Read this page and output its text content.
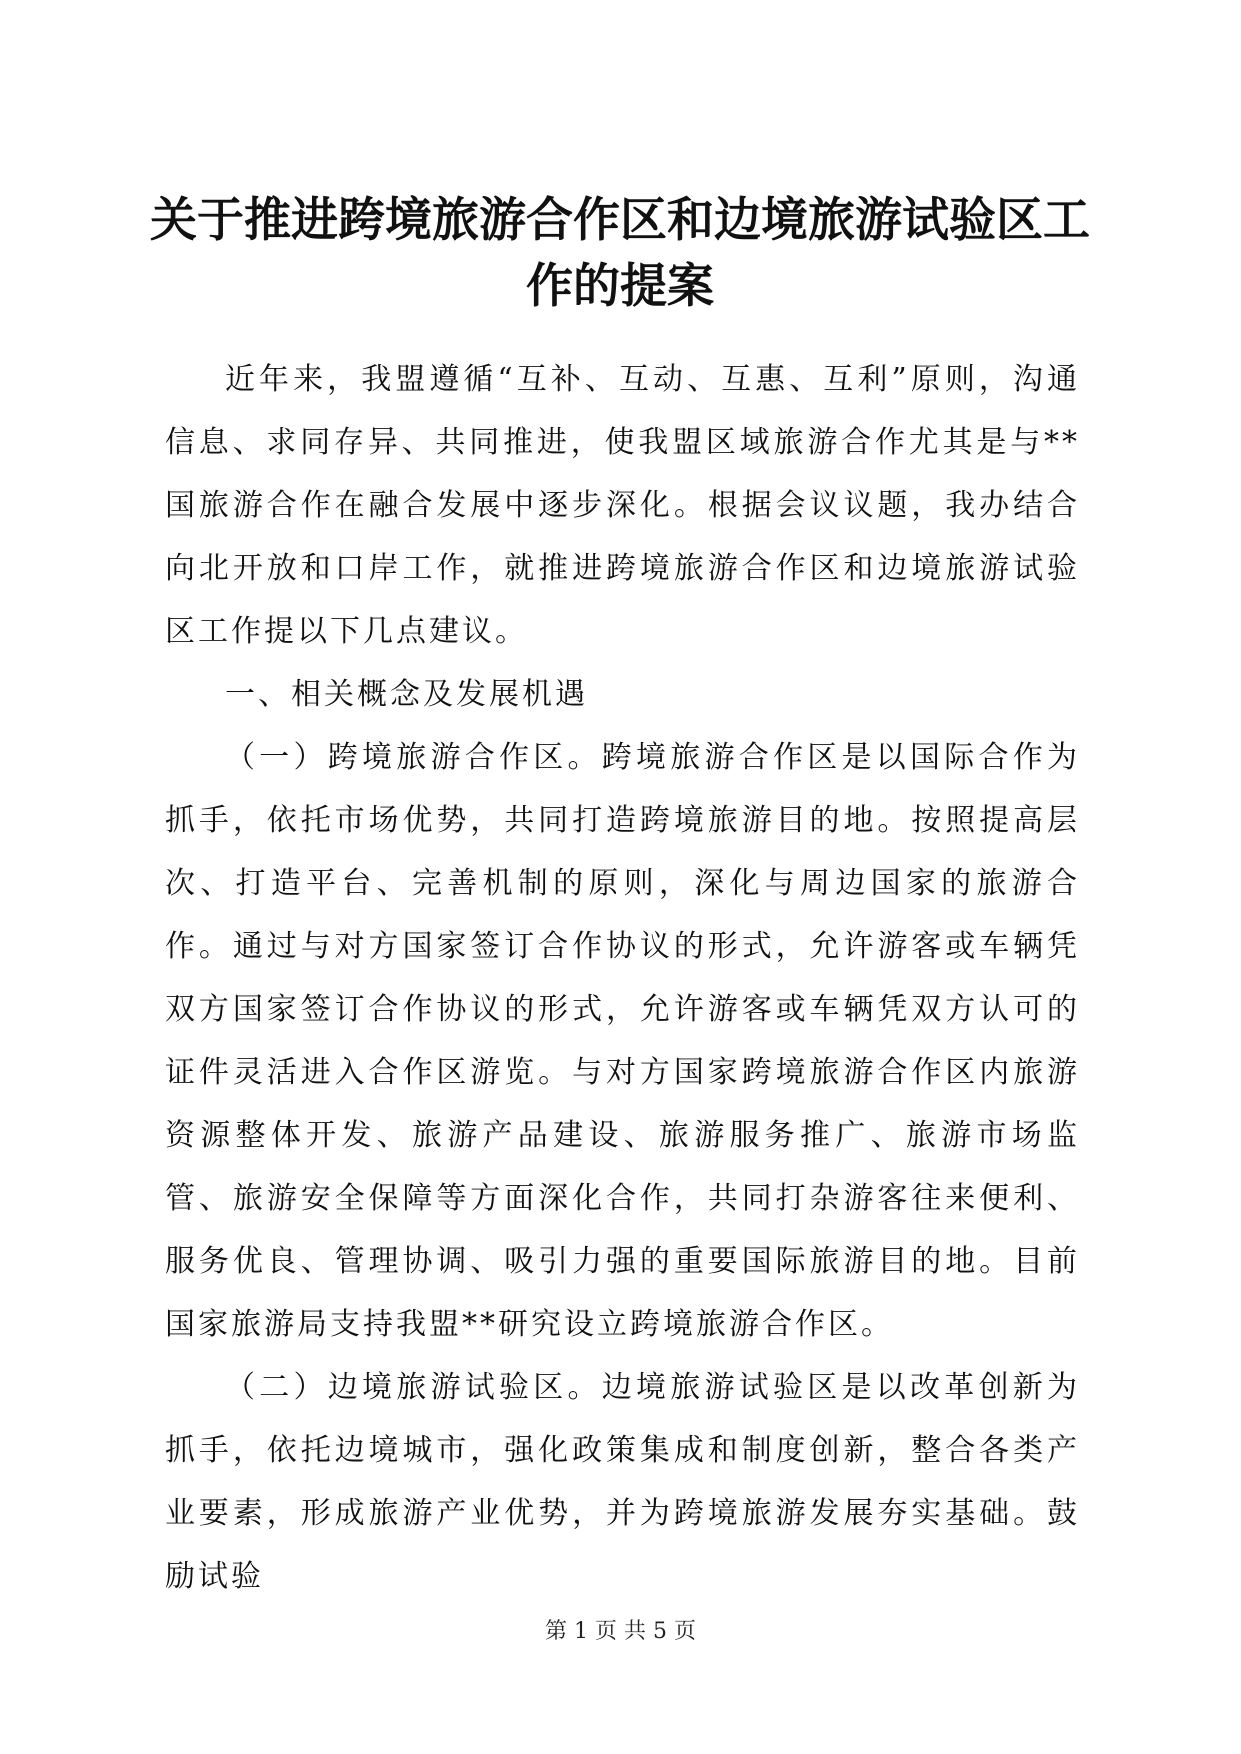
关于推进跨境旅游合作区和边境旅游试验区工作的提案

近年来，我盟遵循“互补、互动、互惠、互利”原则，沟通信息、求同存异、共同推进，使我盟区域旅游合作尤其是与**国旅游合作在融合发展中逐步深化。根据会议议题，我办结合向北开放和口岸工作，就推进跨境旅游合作区和边境旅游试验区工作提以下几点建议。

一、相关概念及发展机遇

（一）跨境旅游合作区。跨境旅游合作区是以国际合作为抓手，依托市场优势，共同打造跨境旅游目的地。按照提高层次、打造平台、完善机制的原则，深化与周边国家的旅游合作。通过与对方国家签订合作协议的形式，允许游客或车辆凭双方国家签订合作协议的形式，允许游客或车辆凭双方认可的证件灵活进入合作区游览。与对方国家跨境旅游合作区内旅游资源整体开发、旅游产品建设、旅游服务推广、旅游市场监管、旅游安全保障等方面深化合作，共同打杂游客往来便利、服务优良、管理协调、吸引力强的重要国际旅游目的地。目前国家旅游局支持我盟**研究设立跨境旅游合作区。

（二）边境旅游试验区。边境旅游试验区是以改革创新为抓手，依托边境城市，强化政策集成和制度创新，整合各类产业要素，形成旅游产业优势，并为跨境旅游发展夯实基础。鼓励试验

第 1 页 共 5 页
